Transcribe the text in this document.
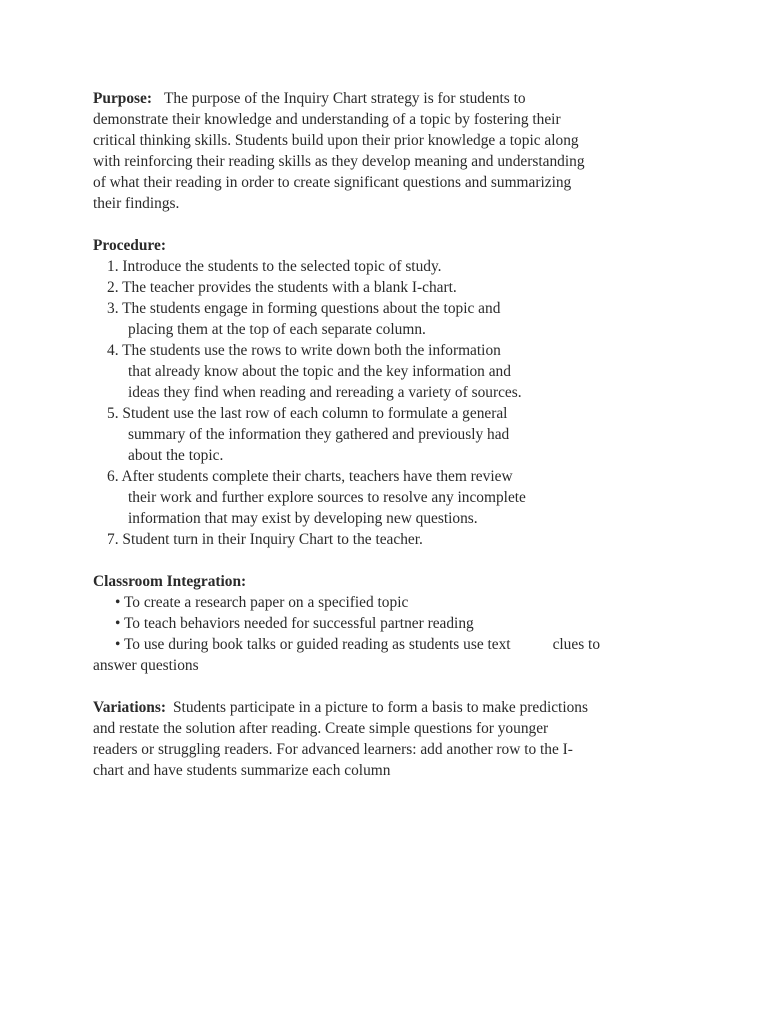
Purpose: The purpose of the Inquiry Chart strategy is for students to
demonstrate their knowledge and understanding of a topic by fostering their
critical thinking skills. Students build upon their prior knowledge a topic along
with reinforcing their reading skills as they develop meaning and understanding
of what their reading in order to create significant questions and summarizing
their findings.
Procedure:
1. Introduce the students to the selected topic of study.
2. The teacher provides the students with a blank I-chart.
3. The students engage in forming questions about the topic and
placing them at the top of each separate column.
4. The students use the rows to write down both the information
that already know about the topic and the key information and
ideas they find when reading and rereading a variety of sources.
5. Student use the last row of each column to formulate a general
summary of the information they gathered and previously had
about the topic.
6. After students complete their charts, teachers have them review
their work and further explore sources to resolve any incomplete
information that may exist by developing new questions.
7. Student turn in their Inquiry Chart to the teacher.
Classroom Integration:
• To create a research paper on a specified topic
• To teach behaviors needed for successful partner reading
• To use during book talks or guided reading as students use text	clues to
answer questions
Variations: Students participate in a picture to form a basis to make predictions
and restate the solution after reading. Create simple questions for younger
readers or struggling readers. For advanced learners: add another row to the I-
chart and have students summarize each column
